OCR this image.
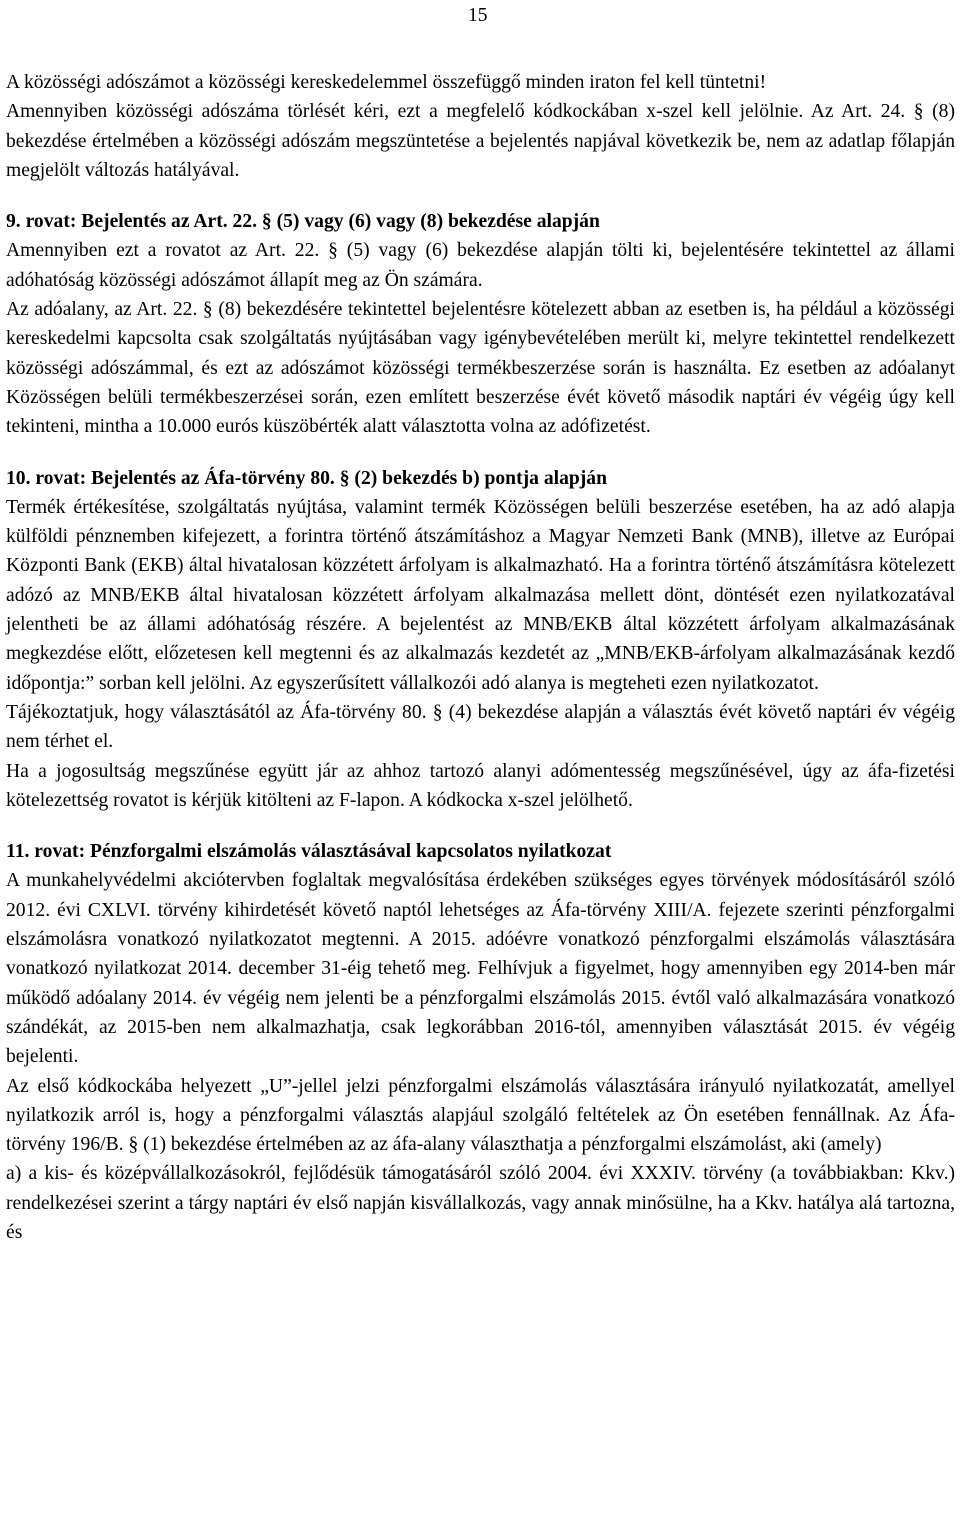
15

A közösségi adószámot a közösségi kereskedelemmel összefüggő minden iraton fel kell tüntetni!

Amennyiben közösségi adószáma törlését kéri, ezt a megfelelő kódkockában x-szel kell jelölnie. Az Art. 24. § (8) bekezdése értelmében a közösségi adószám megszüntetése a bejelentés napjával következik be, nem az adatlap főlapján megjelölt változás hatályával.

9. rovat: Bejelentés az Art. 22. § (5) vagy (6) vagy (8) bekezdése alapján

Amennyiben ezt a rovatot az Art. 22. § (5) vagy (6) bekezdése alapján tölti ki, bejelentésére tekintettel az állami adóhatóság közösségi adószámot állapít meg az Ön számára.

Az adóalany, az Art. 22. § (8) bekezdésére tekintettel bejelentésre kötelezett abban az esetben is, ha például a közösségi kereskedelmi kapcsolta csak szolgáltatás nyújtásában vagy igénybevételében merült ki, melyre tekintettel rendelkezett közösségi adószámmal, és ezt az adószámot közösségi termékbeszerzése során is használta. Ez esetben az adóalanyt Közösségen belüli termékbeszerzései során, ezen említett beszerzése évét követő második naptári év végéig úgy kell tekinteni, mintha a 10.000 eurós küszöbérték alatt választotta volna az adófizetést.

10. rovat: Bejelentés az Áfa-törvény 80. § (2) bekezdés b) pontja alapján

Termék értékesítése, szolgáltatás nyújtása, valamint termék Közösségen belüli beszerzése esetében, ha az adó alapja külföldi pénznemben kifejezett, a forintra történő átszámításhoz a Magyar Nemzeti Bank (MNB), illetve az Európai Központi Bank (EKB) által hivatalosan közzétett árfolyam is alkalmazható. Ha a forintra történő átszámításra kötelezett adózó az MNB/EKB által hivatalosan közzétett árfolyam alkalmazása mellett dönt, döntését ezen nyilatkozatával jelentheti be az állami adóhatóság részére. A bejelentést az MNB/EKB által közzétett árfolyam alkalmazásának megkezdése előtt, előzetesen kell megtenni és az alkalmazás kezdetét az „MNB/EKB-árfolyam alkalmazásának kezdő időpontja:” sorban kell jelölni. Az egyszerűsített vállalkozói adó alanya is megteheti ezen nyilatkozatot.

Tájékoztatjuk, hogy választásától az Áfa-törvény 80. § (4) bekezdése alapján a választás évét követő naptári év végéig nem térhet el.

Ha a jogosultság megszűnése együtt jár az ahhoz tartozó alanyi adómentesség megszűnésével, úgy az áfa-fizetési kötelezettség rovatot is kérjük kitölteni az F-lapon. A kódkocka x-szel jelölhető.

11. rovat: Pénzforgalmi elszámolás választásával kapcsolatos nyilatkozat

A munkahelyvédelmi akciótervben foglaltak megvalósítása érdekében szükséges egyes törvények módosításáról szóló 2012. évi CXLVI. törvény kihirdetését követő naptól lehetséges az Áfa-törvény XIII/A. fejezete szerinti pénzforgalmi elszámolásra vonatkozó nyilatkozatot megtenni. A 2015. adóévre vonatkozó pénzforgalmi elszámolás választására vonatkozó nyilatkozat 2014. december 31-éig tehető meg. Felhívjuk a figyelmet, hogy amennyiben egy 2014-ben már működő adóalany 2014. év végéig nem jelenti be a pénzforgalmi elszámolás 2015. évtől való alkalmazására vonatkozó szándékát, az 2015-ben nem alkalmazhatja, csak legkorábban 2016-tól, amennyiben választását 2015. év végéig bejelenti.

Az első kódkockába helyezett „U”-jellel jelzi pénzforgalmi elszámolás választására irányuló nyilatkozatát, amellyel nyilatkozik arról is, hogy a pénzforgalmi választás alapjául szolgáló feltételek az Ön esetében fennállnak. Az Áfa-törvény 196/B. § (1) bekezdése értelmében az az áfa-alany választhatja a pénzforgalmi elszámolást, aki (amely)

a) a kis- és középvállalkozásokról, fejlődésük támogatásáról szóló 2004. évi XXXIV. törvény (a továbbiakban: Kkv.) rendelkezései szerint a tárgy naptári év első napján kisvállalkozás, vagy annak minősülne, ha a Kkv. hatálya alá tartozna, és
